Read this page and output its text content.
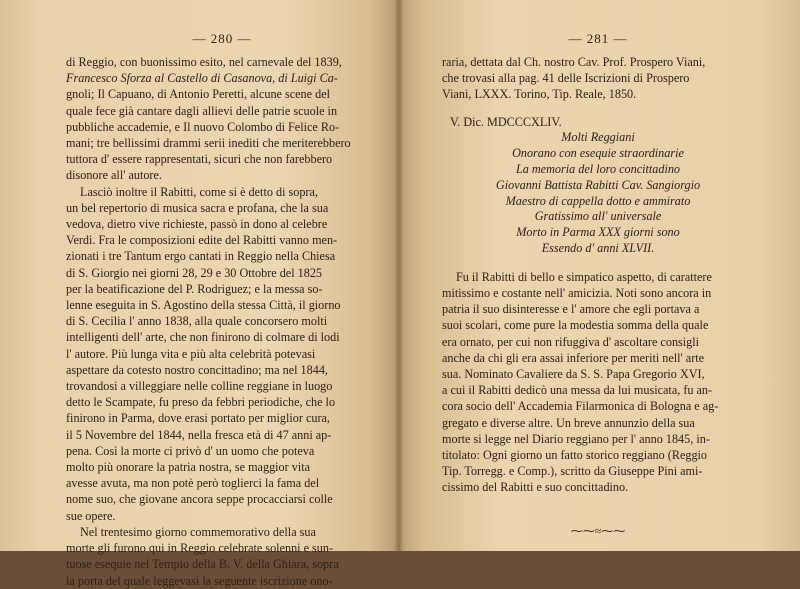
— 280 —

di Reggio, con buonissimo esito, nel carnevale del 1839,
Francesco Sforza al Castello di Casanova, di Luigi Ca-
gnoli; Il Capuano, di Antonio Peretti, alcune scene del
quale fece già cantare dagli allievi delle patrie scuole in
pubbliche accademie, e Il nuovo Colombo di Felice Ro-
mani; tre bellissimi drammi serii inediti che meriterebbero
tuttora d' essere rappresentati, sicuri che non farebbero
disonore all' autore.

Lasciò inoltre il Rabitti, come si è detto di sopra,
un bel repertorio di musica sacra e profana, che la sua
vedova, dietro vive richieste, passò in dono al celebre
Verdi. Fra le composizioni edite del Rabitti vanno men-
zionati i tre Tantum ergo cantati in Reggio nella Chiesa
di S. Giorgio nei giorni 28, 29 e 30 Ottobre del 1825
per la beatificazione del P. Rodriguez; e la messa so-
lenne eseguita in S. Agostino della stessa Città, il giorno
di S. Cecilia l' anno 1838, alla quale concorsero molti
intelligenti dell' arte, che non finirono di colmare di lodi
l' autore. Più lunga vita e più alta celebrità potevasi
aspettare da cotesto nostro concittadino; ma nel 1844,
trovandosi a villeggiare nelle colline reggiane in luogo
detto le Scampate, fu preso da febbri periodiche, che lo
finirono in Parma, dove erasi portato per miglior cura,
il 5 Novembre del 1844, nella fresca età di 47 anni ap-
pena. Così la morte ci privò d' un uomo che poteva
molto più onorare la patria nostra, se maggior vita
avesse avuta, ma non potè però toglierci la fama del
nome suo, che giovane ancora seppe procacciarsi colle
sue opere.

Nel trentesimo giorno commemorativo della sua
morte gli furono qui in Reggio celebrate solenni e sun-
tuose esequie nel Tempio della B. V. della Ghiara, sopra
la porta del quale leggevasi la seguente iscrizione ono-

— 281 —

raria, dettata dal Ch. nostro Cav. Prof. Prospero Viani,
che trovasi alla pag. 41 delle Iscrizioni di Prospero
Viani, LXXX. Torino, Tip. Reale, 1850.

V. Dic. MDCCCXLIV.
Molti Reggiani
Onorano con esequie straordinarie
La memoria del loro concittadino
Giovanni Battista Rabitti Cav. Sangiorgio
Maestro di cappella dotto e ammirato
Gratissimo all' universale
Morto in Parma XXX giorni sono
Essendo d' anni XLVII.

Fu il Rabitti di bello e simpatico aspetto, di carattere
mitissimo e costante nell' amicizia. Noti sono ancora in
patria il suo disinteresse e l' amore che egli portava a
suoi scolari, come pure la modestia somma della quale
era ornato, per cui non rifuggiva d' ascoltare consigli
anche da chi gli era assai inferiore per meriti nell' arte
sua. Nominato Cavaliere da S. S. Papa Gregorio XVI,
a cui il Rabitti dedicò una messa da lui musicata, fu an-
cora socio dell' Accademia Filarmonica di Bologna e ag-
gregato e diverse altre. Un breve annunzio della sua
morte si legge nel Diario reggiano per l' anno 1845, in-
titolato: Ogni giorno un fatto storico reggiano (Reggio
Tip. Torregg. e Comp.), scritto da Giuseppe Pini ami-
cissimo del Rabitti e suo concittadino.

⁓⁓≈⁓⁓
